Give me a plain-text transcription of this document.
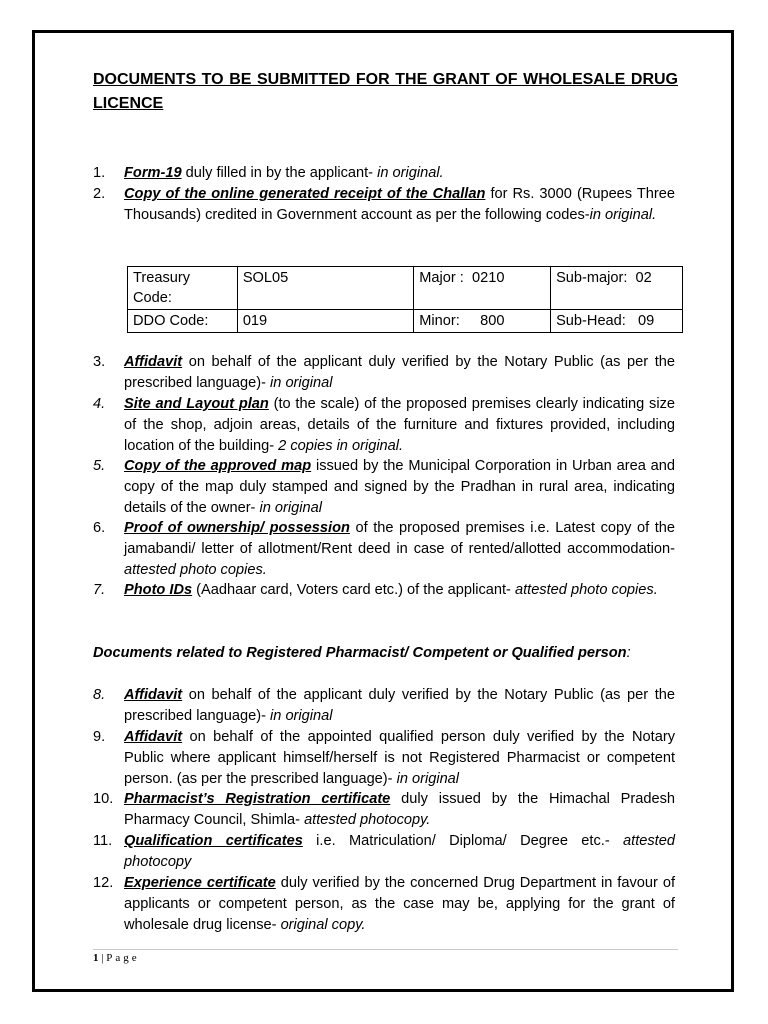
DOCUMENTS TO BE SUBMITTED FOR THE GRANT OF WHOLESALE DRUG LICENCE
1. Form-19 duly filled in by the applicant- in original.
2. Copy of the online generated receipt of the Challan for Rs. 3000 (Rupees Three Thousands) credited in Government account as per the following codes-in original.
3. Affidavit on behalf of the applicant duly verified by the Notary Public (as per the prescribed language)- in original
4. Site and Layout plan (to the scale) of the proposed premises clearly indicating size of the shop, adjoin areas, details of the furniture and fixtures provided, including location of the building- 2 copies in original.
5. Copy of the approved map issued by the Municipal Corporation in Urban area and copy of the map duly stamped and signed by the Pradhan in rural area, indicating details of the owner- in original
6. Proof of ownership/ possession of the proposed premises i.e. Latest copy of the jamabandi/ letter of allotment/Rent deed in case of rented/allotted accommodation- attested photo copies.
7. Photo IDs (Aadhaar card, Voters card etc.) of the applicant- attested photo copies.
8. Affidavit on behalf of the applicant duly verified by the Notary Public (as per the prescribed language)- in original
9. Affidavit on behalf of the appointed qualified person duly verified by the Notary Public where applicant himself/herself is not Registered Pharmacist or competent person. (as per the prescribed language)- in original
10. Pharmacist’s Registration certificate duly issued by the Himachal Pradesh Pharmacy Council, Shimla- attested photocopy.
11. Qualification certificates i.e. Matriculation/ Diploma/ Degree etc.- attested photocopy
12. Experience certificate duly verified by the concerned Drug Department in favour of applicants or competent person, as the case may be, applying for the grant of wholesale drug license- original copy.
Treasury Code:	SOL05	Major :  0210	Sub-major:  02
DDO Code:	019	Minor:     800	Sub-Head:   09
Documents related to Registered Pharmacist/ Competent or Qualified person:
1 | Page
